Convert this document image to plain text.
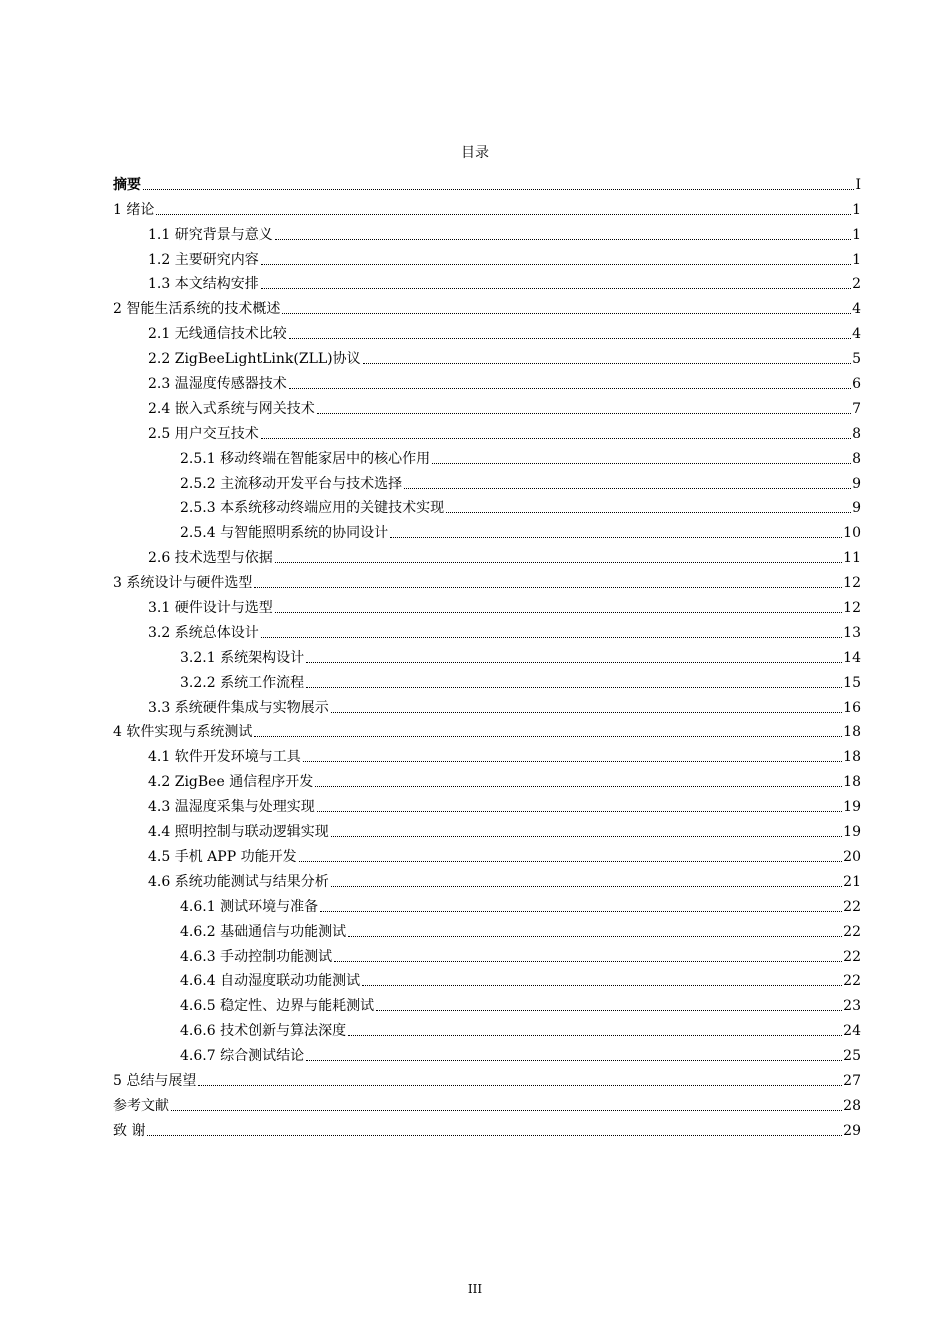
目录
摘要	I
1 绪论	1
1.1 研究背景与意义	1
1.2 主要研究内容	1
1.3 本文结构安排	2
2 智能生活系统的技术概述	4
2.1 无线通信技术比较	4
2.2 ZigBeeLightLink(ZLL)协议	5
2.3 温湿度传感器技术	6
2.4 嵌入式系统与网关技术	7
2.5 用户交互技术	8
2.5.1 移动终端在智能家居中的核心作用	8
2.5.2 主流移动开发平台与技术选择	9
2.5.3 本系统移动终端应用的关键技术实现	9
2.5.4 与智能照明系统的协同设计	10
2.6 技术选型与依据	11
3 系统设计与硬件选型	12
3.1 硬件设计与选型	12
3.2 系统总体设计	13
3.2.1 系统架构设计	14
3.2.2 系统工作流程	15
3.3 系统硬件集成与实物展示	16
4 软件实现与系统测试	18
4.1 软件开发环境与工具	18
4.2 ZigBee 通信程序开发	18
4.3 温湿度采集与处理实现	19
4.4 照明控制与联动逻辑实现	19
4.5 手机 APP 功能开发	20
4.6 系统功能测试与结果分析	21
4.6.1 测试环境与准备	22
4.6.2 基础通信与功能测试	22
4.6.3 手动控制功能测试	22
4.6.4 自动湿度联动功能测试	22
4.6.5 稳定性、边界与能耗测试	23
4.6.6 技术创新与算法深度	24
4.6.7 综合测试结论	25
5 总结与展望	27
参考文献	28
致 谢	29
III
